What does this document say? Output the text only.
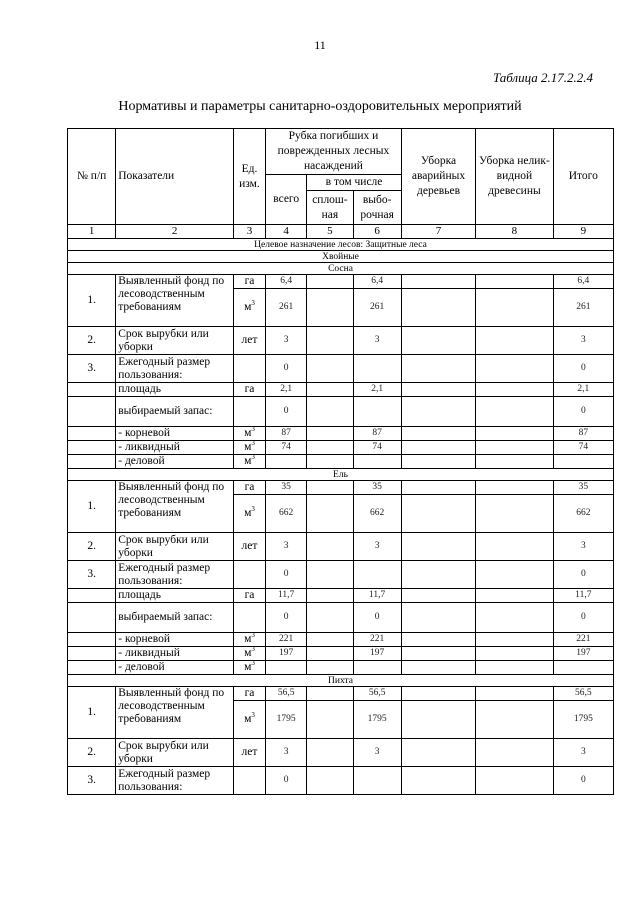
11
Таблица 2.17.2.2.4
Нормативы и параметры санитарно-оздоровительных мероприятий
№ п/п	Показатели	Ед. изм.	Рубка погибших и поврежденных лесных насаждений			Уборка аварийных деревьев	Уборка нелик- видной древесины	Итого
			всего	в том числе				
				сплош- ная	выбо- рочная			
1	2	3	4	5	6	7	8	9
Целевое назначение лесов: Защитные леса								
Хвойные								
Сосна								
1.	Выявленный фонд по лесоводственным требованиям	га	6,4		6,4			6,4
		$м^3$	261		261			261
2.	Срок вырубки или уборки	лет	3		3			3
3.	Ежегодный размер пользования:		0					0
	площадь	га	2,1		2,1			2,1
	выбираемый запас:		0					0
	- корневой	$м^3$	87		87			87
	- ликвидный	$м^3$	74		74			74
	- деловой	$м^3$						
Ель								
1.	Выявленный фонд по лесоводственным требованиям	га	35		35			35
		$м^3$	662		662			662
2.	Срок вырубки или уборки	лет	3		3			3
3.	Ежегодный размер пользования:		0					0
	площадь	га	11,7		11,7			11,7
	выбираемый запас:		0		0			0
	- корневой	$м^3$	221		221			221
	- ликвидный	$м^3$	197		197			197
	- деловой	$м^3$						
Пихта								
1.	Выявленный фонд по лесоводственным требованиям	га	56,5		56,5			56,5
		$м^3$	1795		1795			1795
2.	Срок вырубки или уборки	лет	3		3			3
3.	Ежегодный размер пользования:		0					0
